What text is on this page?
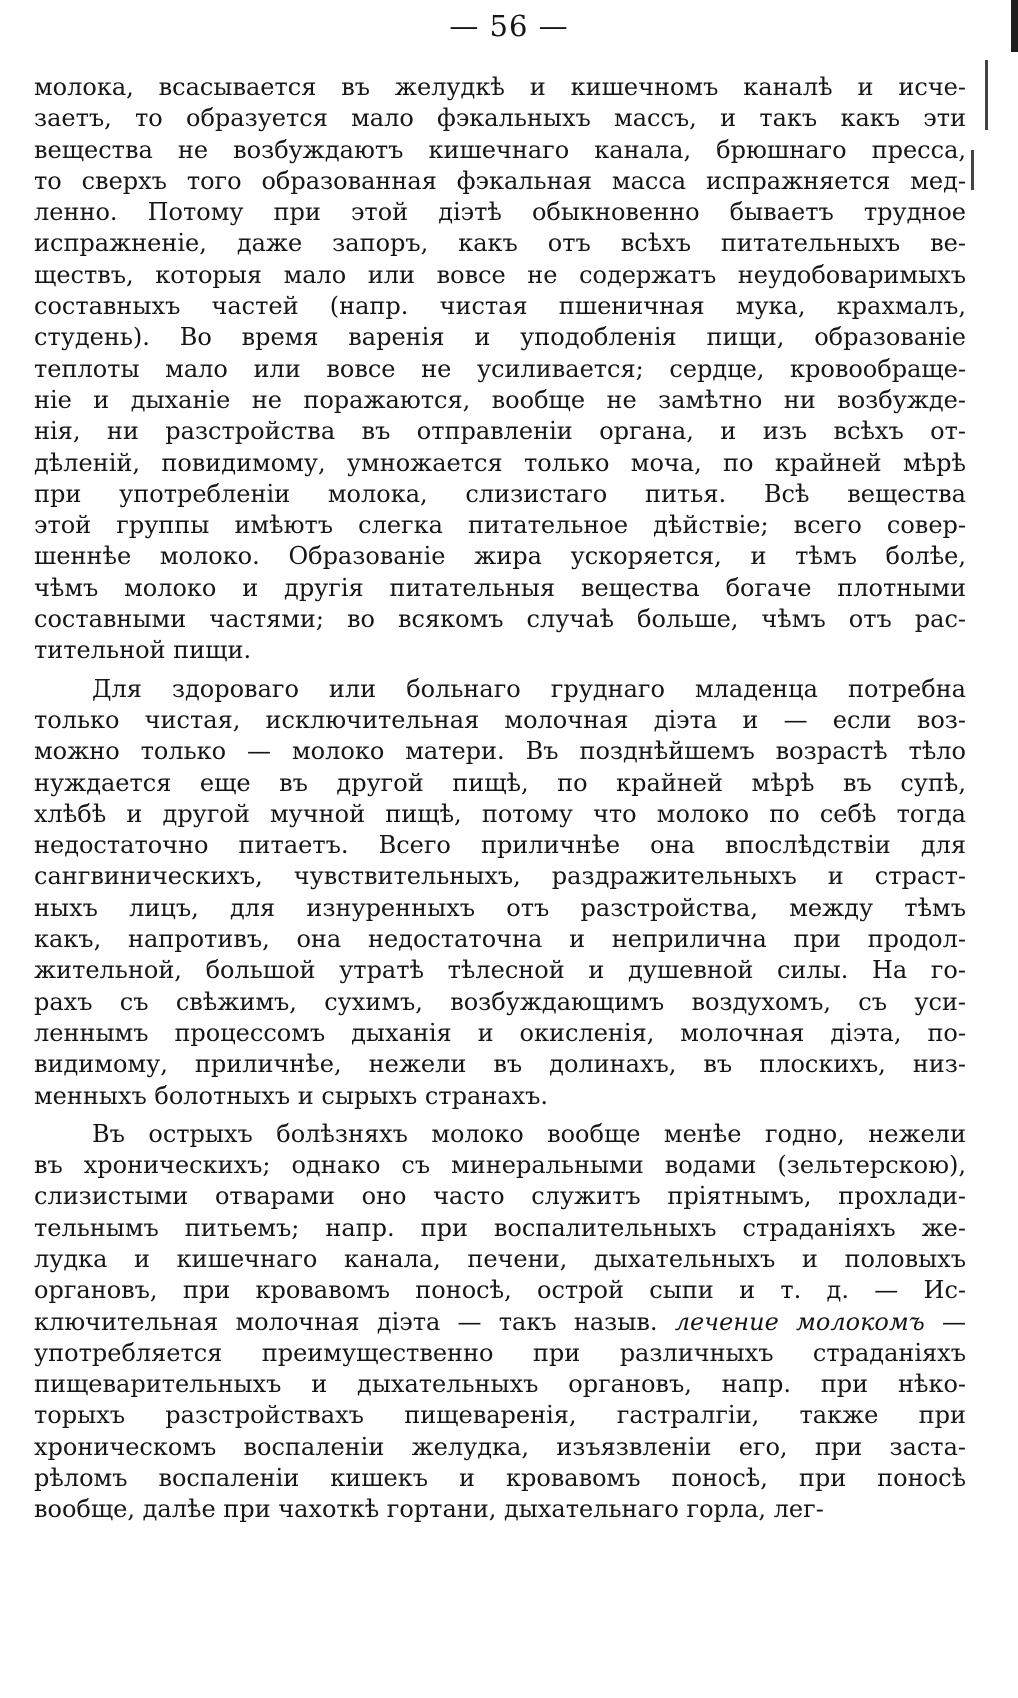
— 56 —
молока, всасывается въ желудкѣ и кишечномъ каналѣ и исче-
заетъ, то образуется мало фэкальныхъ массъ, и такъ какъ эти
вещества не возбуждаютъ кишечнаго канала, брюшнаго пресса,
то сверхъ того образованная фэкальная масса испражняется мед-
ленно. Потому при этой діэтѣ обыкновенно бываетъ трудное
испражненіе, даже запоръ, какъ отъ всѣхъ питательныхъ ве-
ществъ, которыя мало или вовсе не содержатъ неудобоваримыхъ
составныхъ частей (напр. чистая пшеничная мука, крахмалъ,
студень). Во время варенія и уподобленія пищи, образованіе
теплоты мало или вовсе не усиливается; сердце, кровообраще-
ніе и дыханіе не поражаются, вообще не замѣтно ни возбужде-
нія, ни разстройства въ отправленіи органа, и изъ всѣхъ от-
дѣленій, повидимому, умножается только моча, по крайней мѣрѣ
при употребленіи молока, слизистаго питья. Всѣ вещества
этой группы имѣютъ слегка питательное дѣйствіе; всего совер-
шеннѣе молоко. Образованіе жира ускоряется, и тѣмъ болѣе,
чѣмъ молоко и другія питательныя вещества богаче плотными
составными частями; во всякомъ случаѣ больше, чѣмъ отъ рас-
тительной пищи.
Для здороваго или больнаго груднаго младенца потребна
только чистая, исключительная молочная діэта и — если воз-
можно только — молоко матери. Въ позднѣйшемъ возрастѣ тѣло
нуждается еще въ другой пищѣ, по крайней мѣрѣ въ супѣ,
хлѣбѣ и другой мучной пищѣ, потому что молоко по себѣ тогда
недостаточно питаетъ. Всего приличнѣе она впослѣдствіи для
сангвиническихъ, чувствительныхъ, раздражительныхъ и страст-
ныхъ лицъ, для изнуренныхъ отъ разстройства, между тѣмъ
какъ, напротивъ, она недостаточна и неприлична при продол-
жительной, большой утратѣ тѣлесной и душевной силы. На го-
рахъ съ свѣжимъ, сухимъ, возбуждающимъ воздухомъ, съ уси-
леннымъ процессомъ дыханія и окисленія, молочная діэта, по-
видимому, приличнѣе, нежели въ долинахъ, въ плоскихъ, низ-
менныхъ болотныхъ и сырыхъ странахъ.
Въ острыхъ болѣзняхъ молоко вообще менѣе годно, нежели
въ хроническихъ; однако съ минеральными водами (зельтерскою),
слизистыми отварами оно часто служитъ пріятнымъ, прохлади-
тельнымъ питьемъ; напр. при воспалительныхъ страданіяхъ же-
лудка и кишечнаго канала, печени, дыхательныхъ и половыхъ
органовъ, при кровавомъ поносѣ, острой сыпи и т. д. — Ис-
ключительная молочная діэта — такъ назыв. лечение молокомъ —
употребляется преимущественно при различныхъ страданіяхъ
пищеварительныхъ и дыхательныхъ органовъ, напр. при нѣко-
торыхъ разстройствахъ пищеваренія, гастралгіи, также при
хроническомъ воспаленіи желудка, изъязвленіи его, при застa-
рѣломъ воспаленіи кишекъ и кровавомъ поносѣ, при поносѣ
вообще, далѣе при чахоткѣ гортани, дыхательнаго горла, лег-
